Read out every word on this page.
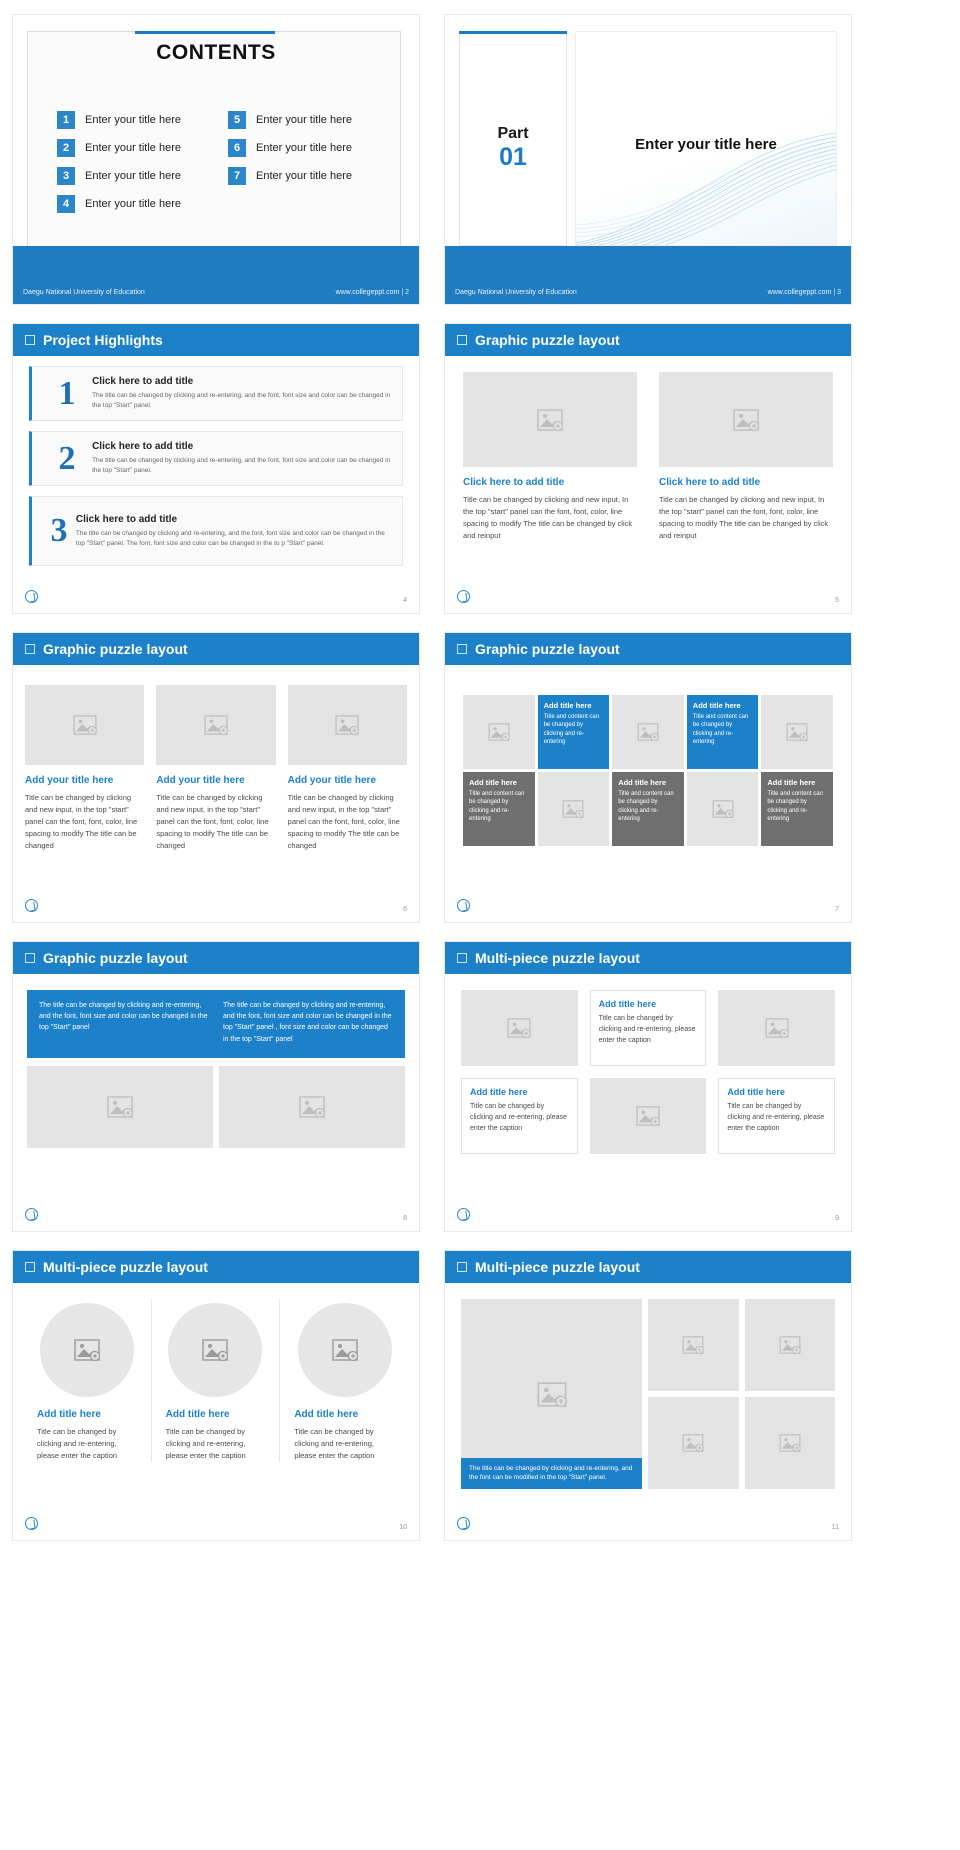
CONTENTS
1	Enter your title here	5	Enter your title here
2	Enter your title here	6	Enter your title here
3	Enter your title here	7	Enter your title here
4	Enter your title here
Daegu National University of Education	www.collegeppt.com | 2
Part
01	Enter your title here
Daegu National University of Education	www.collegeppt.com | 3
Project Highlights
1	Click here to add title
The title can be changed by clicking and re-entering, and the font, font size and color can be changed in the top "Start" panel.
2	Click here to add title
The title can be changed by clicking and re-entering, and the font, font size and color can be changed in the top "Start" panel.
3 Click here to add title
The title can be changed by clicking and re-entering, and the font, font size and color can be changed in the top "Start" panel. The font, font size and color can be changed in the to p "Start" panel.
4
Graphic puzzle layout
Click here to add title
Title can be changed by clicking and new input, In the top "start" panel can the font, font, color, line spacing to modify The title can be changed by click and reinput
Click here to add title
Title can be changed by clicking and new input, In the top "start" panel can the font, font, color, line spacing to modify The title can be changed by click and reinput
5
Graphic puzzle layout
Add your title here
Title can be changed by clicking and new input, in the top "start" panel can the font, font, color, line spacing to modify The title can be changed
Add your title here
Title can be changed by clicking and new input, in the top "start" panel can the font, font, color, line spacing to modify The title can be changed
Add your title here
Title can be changed by clicking and new input, in the top "start" panel can the font, font, color, line spacing to modify The title can be changed
6
Graphic puzzle layout
Add title here
Title and content can be changed by clicking and re-entering
Add title here
Title and content can be changed by clicking and re-entering
Add title here
Title and content can be changed by clicking and re-entering
Add title here
Title and content can be changed by clicking and re-entering
Add title here
Title and content can be changed by clicking and re-entering
7
Graphic puzzle layout
The title can be changed by clicking and re-entering, and the font, font size and color can be changed in the top "Start" panel
The title can be changed by clicking and re-entering, and the font, font size and color can be changed in the top "Start" panel , font size and color can be changed in the top "Start" panel
8
Multi-piece puzzle layout
Add title here
Title can be changed by clicking and re-entering, please enter the caption
Add title here
Title can be changed by clicking and re-entering, please enter the caption
Add title here
Title can be changed by clicking and re-entering, please enter the caption
9
Multi-piece puzzle layout
Add title here
Title can be changed by clicking and re-entering, please enter the caption
Add title here
Title can be changed by clicking and re-entering, please enter the caption
Add title here
Title can be changed by clicking and re-entering, please enter the caption
10
Multi-piece puzzle layout
The title can be changed by clicking and re-entering, and the font can be modified in the top "Start" panel.
11
